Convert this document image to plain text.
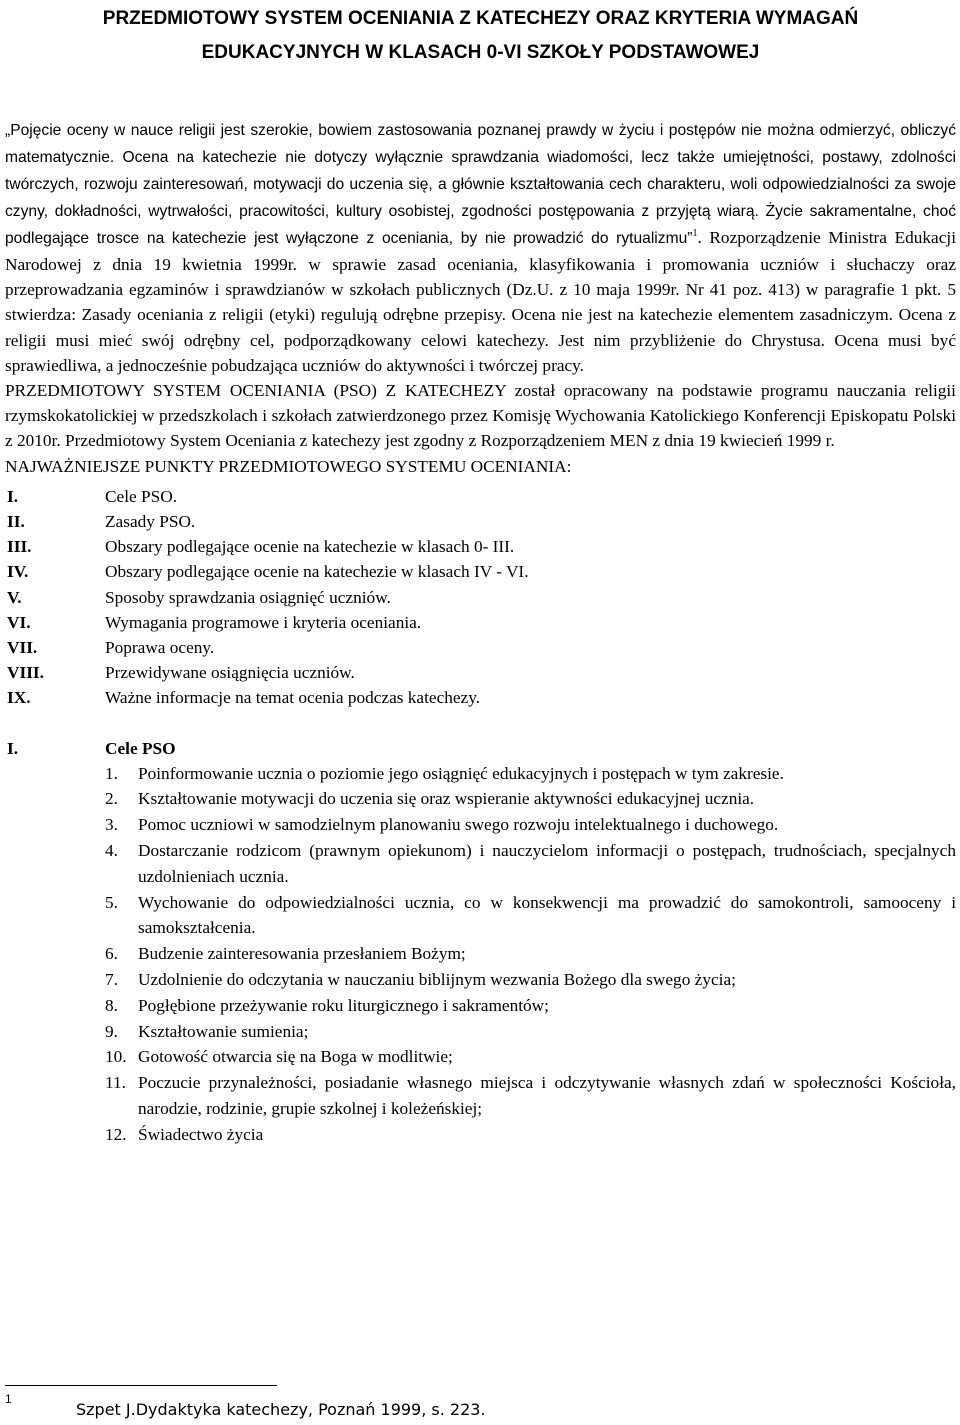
PRZEDMIOTOWY SYSTEM OCENIANIA Z KATECHEZY ORAZ KRYTERIA WYMAGAŃ
EDUKACYJNYCH W KLASACH 0-VI SZKOŁY PODSTAWOWEJ

„Pojęcie oceny w nauce religii jest szerokie, bowiem zastosowania poznanej prawdy w życiu i postępów nie można odmierzyć, obliczyć matematycznie. Ocena na katechezie nie dotyczy wyłącznie sprawdzania wiadomości, lecz także umiejętności, postawy, zdolności twórczych, rozwoju zainteresowań, motywacji do uczenia się, a głównie kształtowania cech charakteru, woli odpowiedzialności za swoje czyny, dokładności, wytrwałości, pracowitości, kultury osobistej, zgodności postępowania z przyjętą wiarą. Życie sakramentalne, choć podlegające trosce na katechezie jest wyłączone z oceniania, by nie prowadzić do rytualizmu”$^1$. Rozporządzenie Ministra Edukacji Narodowej z dnia 19 kwietnia 1999r. w sprawie zasad oceniania, klasyfikowania i promowania uczniów i słuchaczy oraz przeprowadzania egzaminów i sprawdzianów w szkołach publicznych (Dz.U. z 10 maja 1999r. Nr 41 poz. 413) w paragrafie 1 pkt. 5 stwierdza: Zasady oceniania z religii (etyki) regulują odrębne przepisy. Ocena nie jest na katechezie elementem zasadniczym. Ocena z religii musi mieć swój odrębny cel, podporządkowany celowi katechezy. Jest nim przybliżenie do Chrystusa. Ocena musi być sprawiedliwa, a jednocześnie pobudzająca uczniów do aktywności i twórczej pracy.

PRZEDMIOTOWY SYSTEM OCENIANIA (PSO) Z KATECHEZY został opracowany na podstawie programu nauczania religii rzymskokatolickiej w przedszkolach i szkołach zatwierdzonego przez Komisję Wychowania Katolickiego Konferencji Episkopatu Polski z 2010r. Przedmiotowy System Oceniania z katechezy jest zgodny z Rozporządzeniem MEN z dnia 19 kwiecień 1999 r.

NAJWAŻNIEJSZE PUNKTY PRZEDMIOTOWEGO SYSTEMU OCENIANIA:
I.	Cele PSO.
II.	Zasady PSO.
III.	Obszary podlegające ocenie na katechezie w klasach 0- III.
IV.	Obszary podlegające ocenie na katechezie w klasach IV - VI.
V.	Sposoby sprawdzania osiągnięć uczniów.
VI.	Wymagania programowe i kryteria oceniania.
VII.	Poprawa oceny.
VIII.	Przewidywane osiągnięcia uczniów.
IX.	Ważne informacje na temat ocenia podczas katechezy.
I.	Cele PSO
1.	Poinformowanie ucznia o poziomie jego osiągnięć edukacyjnych i postępach w tym zakresie.
2.	Kształtowanie motywacji do uczenia się oraz wspieranie aktywności edukacyjnej ucznia.
3.	Pomoc uczniowi w samodzielnym planowaniu swego rozwoju intelektualnego i duchowego.
4.	Dostarczanie rodzicom (prawnym opiekunom) i nauczycielom informacji o postępach, trudnościach, specjalnych uzdolnieniach ucznia.
5.	Wychowanie do odpowiedzialności ucznia, co w konsekwencji ma prowadzić do samokontroli, samooceny i samokształcenia.
6.	Budzenie zainteresowania przesłaniem Bożym;
7.	Uzdolnienie do odczytania w nauczaniu biblijnym wezwania Bożego dla swego życia;
8.	Pogłębione przeżywanie roku liturgicznego i sakramentów;
9.	Kształtowanie sumienia;
10. Gotowość otwarcia się na Boga w modlitwie;
11. Poczucie przynależności, posiadanie własnego miejsca i odczytywanie własnych zdań w społeczności Kościoła, narodzie, rodzinie, grupie szkolnej i koleżeńskiej;
12. Świadectwo życia
1
Szpet J.Dydaktyka katechezy, Poznań 1999, s. 223.
